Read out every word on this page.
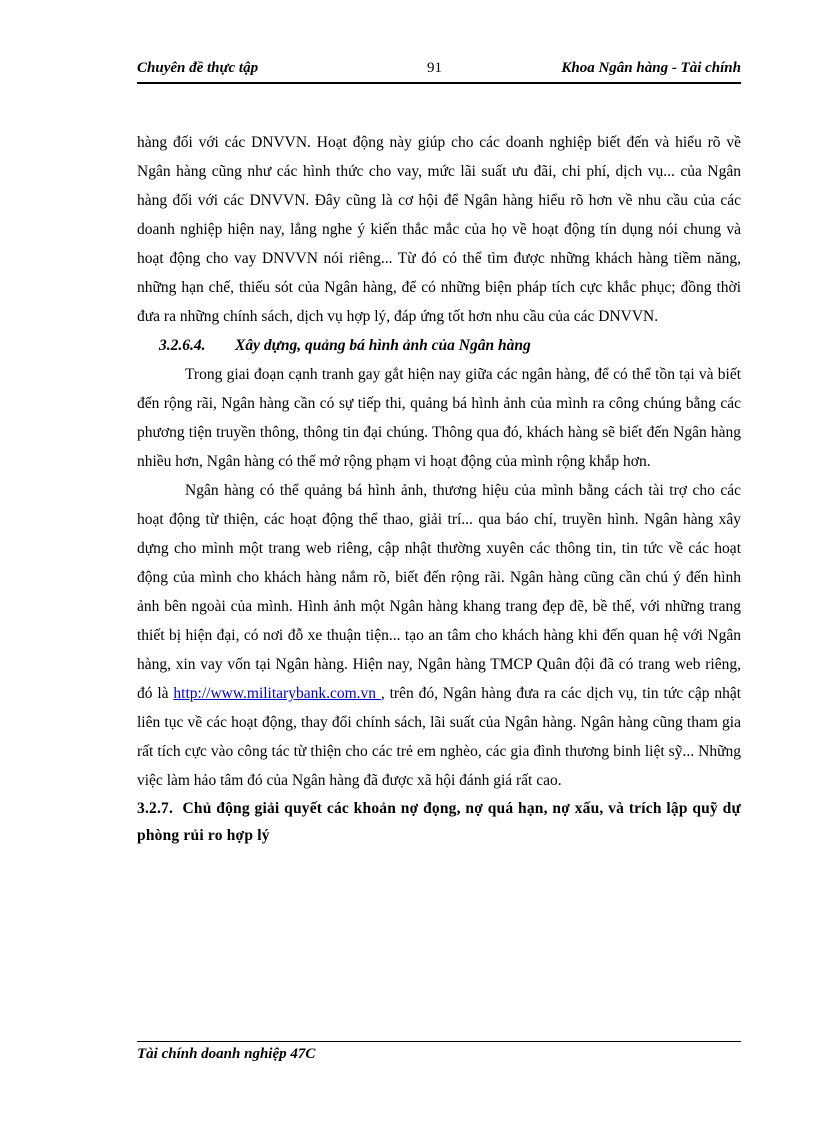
Chuyên đề thực tập	91	Khoa Ngân hàng - Tài chính

hàng đối với các DNVVN. Hoạt động này giúp cho các doanh nghiệp biết đến và hiểu rõ về Ngân hàng cũng như các hình thức cho vay, mức lãi suất ưu đãi, chi phí, dịch vụ... của Ngân hàng đối với các DNVVN. Đây cũng là cơ hội để Ngân hàng hiểu rõ hơn về nhu cầu của các doanh nghiệp hiện nay, lắng nghe ý kiến thắc mắc của họ về hoạt động tín dụng nói chung và hoạt động cho vay DNVVN nói riêng... Từ đó có thể tìm được những khách hàng tiềm năng, những hạn chế, thiếu sót của Ngân hàng, để có những biện pháp tích cực khắc phục; đồng thời đưa ra những chính sách, dịch vụ hợp lý, đáp ứng tốt hơn nhu cầu của các DNVVN.

3.2.6.4. Xây dựng, quảng bá hình ảnh của Ngân hàng

Trong giai đoạn cạnh tranh gay gắt hiện nay giữa các ngân hàng, để có thể tồn tại và biết đến rộng rãi, Ngân hàng cần có sự tiếp thi, quảng bá hình ảnh của mình ra công chúng bằng các phương tiện truyền thông, thông tin đại chúng. Thông qua đó, khách hàng sẽ biết đến Ngân hàng nhiều hơn, Ngân hàng có thể mở rộng phạm vi hoạt động của mình rộng khắp hơn.

Ngân hàng có thể quảng bá hình ảnh, thương hiệu của mình bằng cách tài trợ cho các hoạt động từ thiện, các hoạt động thể thao, giải trí... qua báo chí, truyền hình. Ngân hàng xây dựng cho mình một trang web riêng, cập nhật thường xuyên các thông tin, tin tức về các hoạt động của mình cho khách hàng nắm rõ, biết đến rộng rãi. Ngân hàng cũng cần chú ý đến hình ảnh bên ngoài của mình. Hình ảnh một Ngân hàng khang trang đẹp đẽ, bề thế, với những trang thiết bị hiện đại, có nơi đỗ xe thuận tiện... tạo an tâm cho khách hàng khi đến quan hệ với Ngân hàng, xin vay vốn tại Ngân hàng. Hiện nay, Ngân hàng TMCP Quân đội đã có trang web riêng, đó là http://www.militarybank.com.vn , trên đó, Ngân hàng đưa ra các dịch vụ, tin tức cập nhật liên tục về các hoạt động, thay đổi chính sách, lãi suất của Ngân hàng. Ngân hàng cũng tham gia rất tích cực vào công tác từ thiện cho các trẻ em nghèo, các gia đình thương binh liệt sỹ... Những việc làm hảo tâm đó của Ngân hàng đã được xã hội đánh giá rất cao.

3.2.7. Chủ động giải quyết các khoản nợ đọng, nợ quá hạn, nợ xấu, và trích lập quỹ dự phòng rủi ro hợp lý

Tài chính doanh nghiệp 47C
